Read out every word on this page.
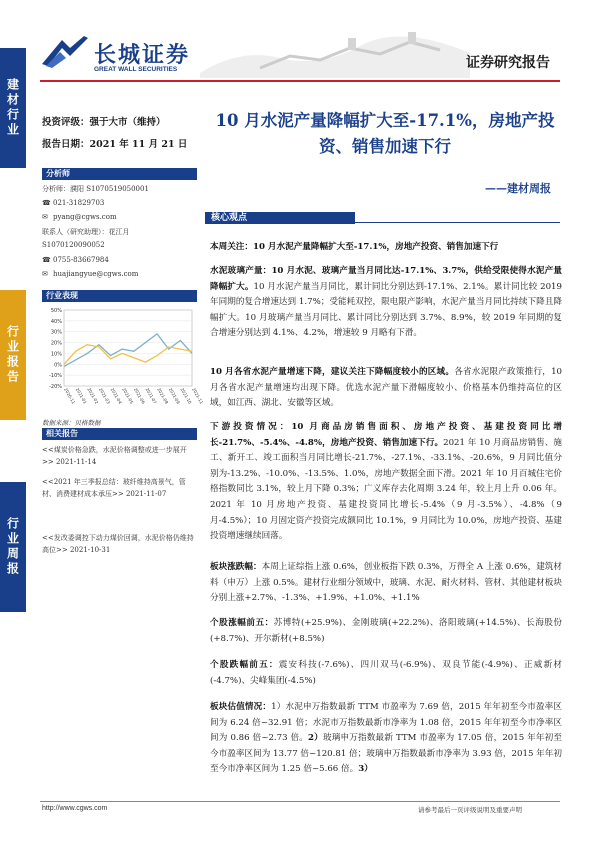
长城证券
GREAT WALL SECURITIES	证券研究报告
建材行业
行业报告
行业周报
投资评级：强于大市（维持）
报告日期：2021 年 11 月 21 日
分析师
分析师：濮阳 S1070519050001
☎ 021-31829703
✉ pyang@cgws.com
联系人（研究助理）：花江月
S1070120090052
☎ 0755-83667984
✉ huajiangyue@cgws.com
行业表现
50%
40%
30%
20%
10%
0%
-10%
-20% 2020-11
2021-01
2021-02
2021-03
2021-04
2021-05
2021-06
2021-07
2021-08
2021-09
2021-10
2021-11
数据来源：贝格数据
相关报告
<<煤炭价格急跌，水泥价格调整或进一步展开>> 2021-11-14
<<2021 年三季报总结：玻纤维持高景气，管材、消费建材成本承压>> 2021-11-07
<<发改委调控下动力煤价回调，水泥价格仍维持高位>> 2021-10-31
10 月水泥产量降幅扩大至-17.1%，房地产投资、销售加速下行
——建材周报
核心观点
本周关注：10 月水泥产量降幅扩大至-17.1%，房地产投资、销售加速下行
水泥玻璃产量：10 月水泥、玻璃产量当月同比达-17.1%、3.7%，供给受限使得水泥产量降幅扩大。10 月水泥产量当月同比，累计同比分别达到-17.1%、2.1%。累计同比较 2019 年同期的复合增速达到 1.7%；受能耗双控，限电限产影响，水泥产量当月同比持续下降且降幅扩大。10 月玻璃产量当月同比、累计同比分别达到 3.7%、8.9%，较 2019 年同期的复合增速分别达到 4.1%、4.2%，增速较 9 月略有下滑。
10 月各省水泥产量增速下降，建议关注下降幅度较小的区域。各省水泥限产政策推行，10 月各省水泥产量增速均出现下降。优选水泥产量下滑幅度较小、价格基本仍维持高位的区域，如江西、湖北、安徽等区域。
下游投资情况：10 月商品房销售面积、房地产投资、基建投资同比增长-21.7%、-5.4%、-4.8%，房地产投资、销售加速下行。2021 年 10 月商品房销售、施工、新开工、竣工面积当月同比增长-21.7%、-27.1%、-33.1%、-20.6%，9 月同比值分别为-13.2%、-10.0%、-13.5%、1.0%，房地产数据全面下滑。2021 年 10 月百城住宅价格指数同比 3.1%，较上月下降 0.3%；广义库存去化周期 3.24 年，较上月上升 0.06 年。2021 年 10 月房地产投资、基建投资同比增长-5.4%（9 月-3.5%）、-4.8%（9 月-4.5%）；10 月固定资产投资完成额同比 10.1%，9 月同比为 10.0%，房地产投资、基建投资增速继续回落。
板块涨跌幅：本周上证综指上涨 0.6%，创业板指下跌 0.3%，万得全 A 上涨 0.6%，建筑材料（申万）上涨 0.5%。建材行业细分领域中，玻璃、水泥、耐火材料、管材、其他建材板块分别上涨+2.7%、-1.3%、+1.9%、+1.0%、+1.1%
个股涨幅前五：苏博特(+25.9%)、金刚玻璃(+22.2%)、洛阳玻璃(+14.5%)、长海股份(+8.7%)、开尔新材(+8.5%)
个股跌幅前五：震安科技(-7.6%)、四川双马(-6.9%)、双良节能(-4.9%)、正威新材(-4.7%)、尖峰集团(-4.5%)
板块估值情况：1）水泥申万指数最新 TTM 市盈率为 7.69 倍，2015 年年初至今市盈率区间为 6.24 倍~32.91 倍；水泥市万指数最新市净率为 1.08 倍，2015 年年初至今市净率区间为 0.86 倍~2.73 倍。2）玻璃申万指数最新 TTM 市盈率为 17.05 倍，2015 年年初至今市盈率区间为 13.77 倍~120.81 倍；玻璃申万指数最新市净率为 3.93 倍，2015 年年初至今市净率区间为 1.25 倍~5.66 倍。3）
http://www.cgws.com	请参考最后一页评级说明及重要声明
